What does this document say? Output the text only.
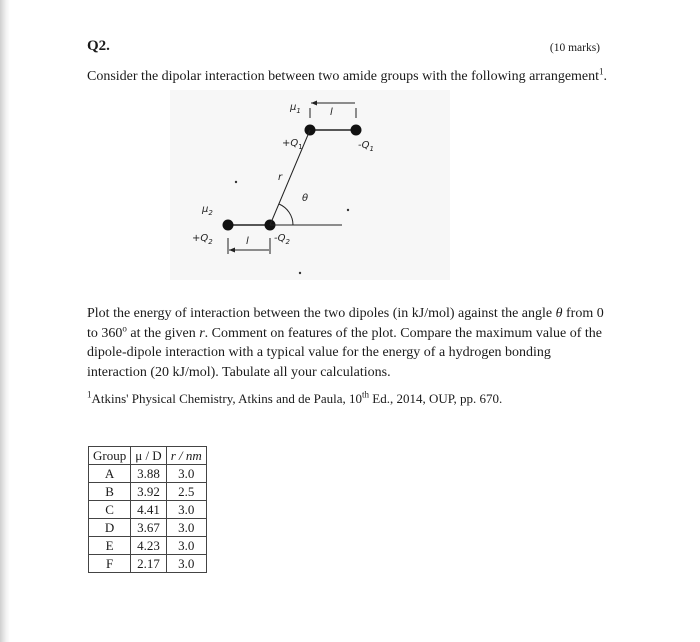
Q2.	(10 marks)
Consider the dipolar interaction between two amide groups with the following arrangement$^1$.
$\mu_1$	l
$+Q_1$	$-Q_1$
r
θ
$\mu_2$
$+Q_2$	l	$-Q_2$
Plot the energy of interaction between the two dipoles (in kJ/mol) against the angle θ from 0 to 360$^o$ at the given r. Comment on features of the plot. Compare the maximum value of the dipole-dipole interaction with a typical value for the energy of a hydrogen bonding interaction (20 kJ/mol). Tabulate all your calculations.
$^1$Atkins' Physical Chemistry, Atkins and de Paula, 10th Ed., 2014, OUP, pp. 670.
Group	μ / D	r / nm
A	3.88	3.0
B	3.92	2.5
C	4.41	3.0
D	3.67	3.0
E	4.23	3.0
F	2.17	3.0
